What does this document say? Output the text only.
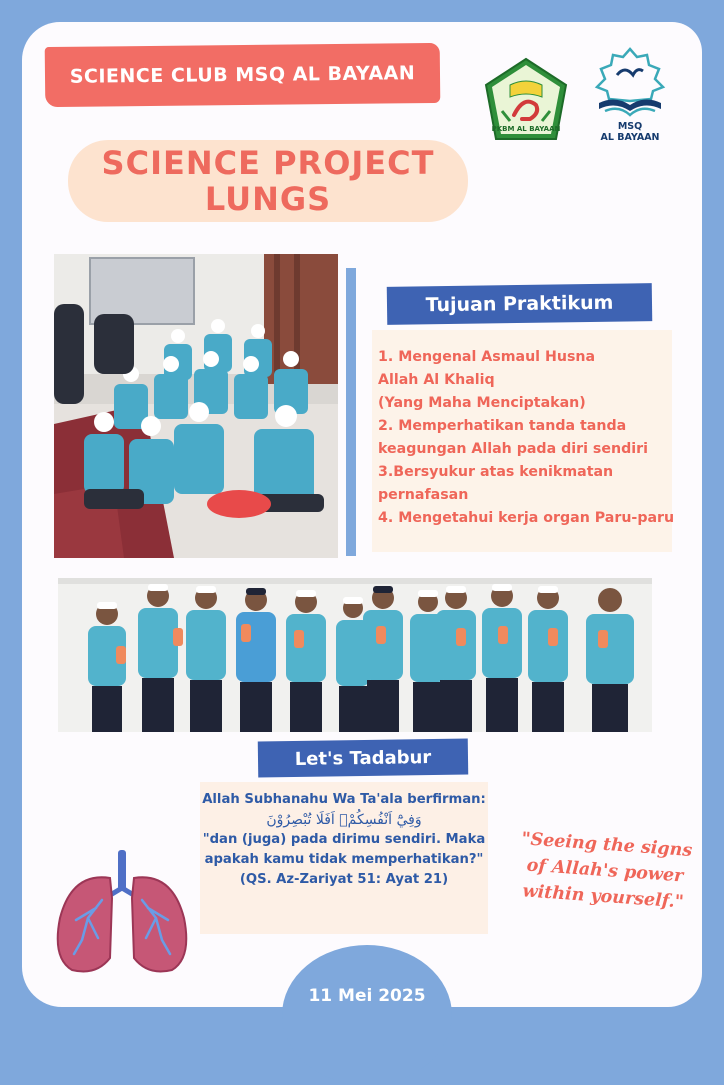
SCIENCE CLUB MSQ AL BAYAAN
PKBM AL BAYAAN	MSQ
AL BAYAAN
SCIENCE PROJECT
LUNGS
Tujuan Praktikum
1. Mengenal Asmaul Husna
Allah Al Khaliq
(Yang Maha Menciptakan)
2. Memperhatikan tanda tanda
keagungan Allah pada diri sendiri
3.Bersyukur atas kenikmatan
pernafasan
4. Mengetahui kerja organ Paru-paru
Let's Tadabur
Allah Subhanahu Wa Ta'ala berfirman:
وَفِيْٓ اَنْفُسِكُمْۗ اَفَلَا تُبْصِرُوْنَ
"dan (juga) pada dirimu sendiri. Maka
apakah kamu tidak memperhatikan?"
(QS. Az-Zariyat 51: Ayat 21)
"Seeing the signs
of Allah's power
within yourself."
11 Mei 2025
